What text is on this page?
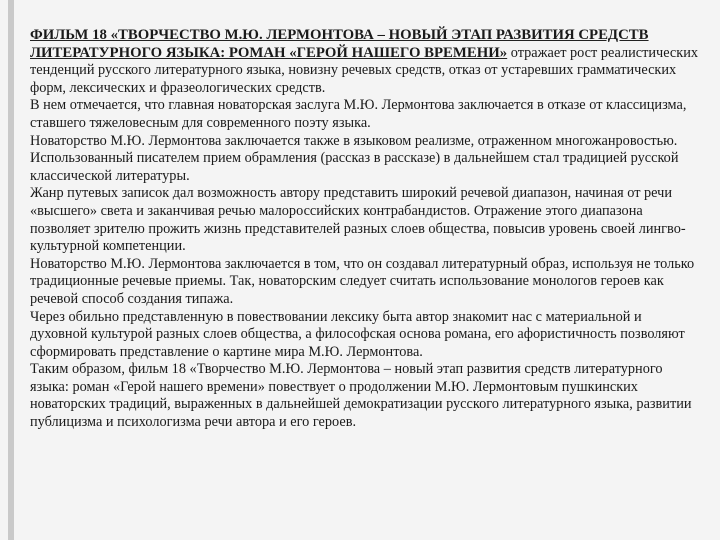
ФИЛЬМ 18 «ТВОРЧЕСТВО М.Ю. ЛЕРМОНТОВА – НОВЫЙ ЭТАП РАЗВИТИЯ СРЕДСТВ ЛИТЕРАТУРНОГО ЯЗЫКА: РОМАН «ГЕРОЙ НАШЕГО ВРЕМЕНИ» отражает рост реалистических тенденций русского литературного языка, новизну речевых средств, отказ от устаревших грамматических форм, лексических и фразеологических средств.

В нем отмечается, что главная новаторская заслуга М.Ю. Лермонтова заключается в отказе от классицизма, ставшего тяжеловесным для современного поэту языка.

Новаторство М.Ю. Лермонтова заключается также в языковом реализме, отраженном многожанровостью. Использованный писателем прием обрамления (рассказ в рассказе) в дальнейшем стал традицией русской классической литературы.

Жанр путевых записок дал возможность автору представить широкий речевой диапазон, начиная от речи «высшего» света и заканчивая речью малороссийских контрабандистов. Отражение этого диапазона позволяет зрителю прожить жизнь представителей разных слоев общества, повысив уровень своей лингво-культурной компетенции.

Новаторство М.Ю. Лермонтова заключается в том, что он создавал литературный образ, используя не только традиционные речевые приемы. Так, новаторским следует считать использование монологов героев как речевой способ создания типажа.

Через обильно представленную в повествовании лексику быта автор знакомит нас с материальной и духовной культурой разных слоев общества, а философская основа романа, его афористичность позволяют сформировать представление о картине мира М.Ю. Лермонтова.

Таким образом, фильм 18 «Творчество М.Ю. Лермонтова – новый этап развития средств литературного языка: роман «Герой нашего времени» повествует о продолжении М.Ю. Лермонтовым пушкинских новаторских традиций, выраженных в дальнейшей демократизации русского литературного языка, развитии публицизма и психологизма речи автора и его героев.
